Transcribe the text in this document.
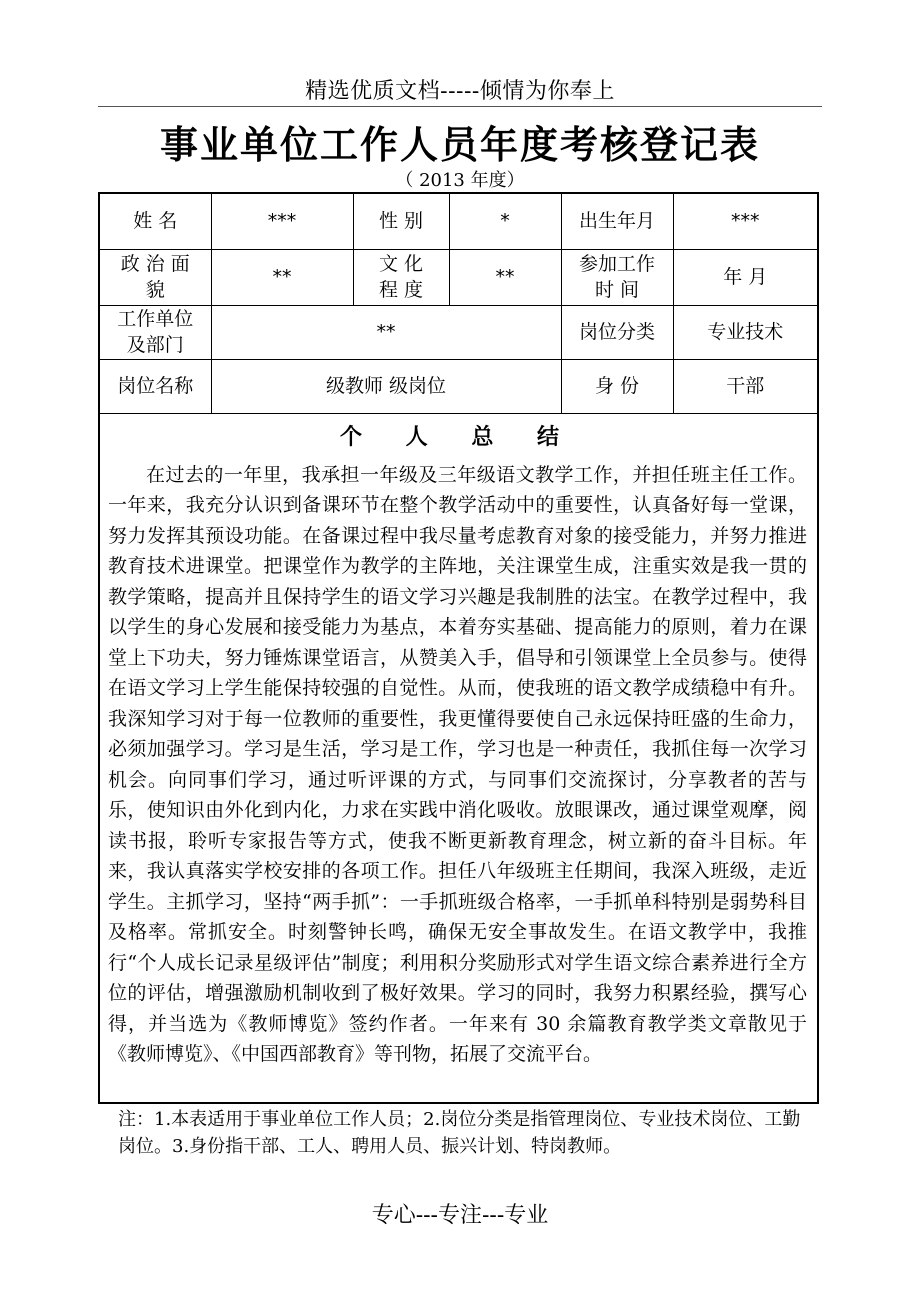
精选优质文档-----倾情为你奉上
事业单位工作人员年度考核登记表
（ 2013 年度）
姓 名	***	性 别	*	出生年月	***
政 治 面 貌	**	文 化 程 度	**	参加工作时 间	年 月
工作单位及部门	**			岗位分类	专业技术
岗位名称	级教师 级岗位			身 份	干部

个 人 总 结
在过去的一年里，我承担一年级及三年级语文教学工作，并担任班主任工作。一年来，我充分认识到备课环节在整个教学活动中的重要性，认真备好每一堂课，努力发挥其预设功能。在备课过程中我尽量考虑教育对象的接受能力，并努力推进教育技术进课堂。把课堂作为教学的主阵地，关注课堂生成，注重实效是我一贯的教学策略，提高并且保持学生的语文学习兴趣是我制胜的法宝。在教学过程中，我以学生的身心发展和接受能力为基点，本着夯实基础、提高能力的原则，着力在课堂上下功夫，努力锤炼课堂语言，从赞美入手，倡导和引领课堂上全员参与。使得在语文学习上学生能保持较强的自觉性。从而，使我班的语文教学成绩稳中有升。我深知学习对于每一位教师的重要性，我更懂得要使自己永远保持旺盛的生命力，必须加强学习。学习是生活，学习是工作，学习也是一种责任，我抓住每一次学习机会。向同事们学习，通过听评课的方式，与同事们交流探讨，分享教者的苦与乐，使知识由外化到内化，力求在实践中消化吸收。放眼课改，通过课堂观摩，阅读书报，聆听专家报告等方式，使我不断更新教育理念，树立新的奋斗目标。年来，我认真落实学校安排的各项工作。担任八年级班主任期间，我深入班级，走近学生。主抓学习，坚持“两手抓”：一手抓班级合格率，一手抓单科特别是弱势科目及格率。常抓安全。时刻警钟长鸣，确保无安全事故发生。在语文教学中，我推行“个人成长记录星级评估”制度；利用积分奖励形式对学生语文综合素养进行全方位的评估，增强激励机制收到了极好效果。学习的同时，我努力积累经验，撰写心得，并当选为《教师博览》签约作者。一年来有 30 余篇教育教学类文章散见于《教师博览》、《中国西部教育》等刊物，拓展了交流平台。					
注：1.本表适用于事业单位工作人员；2.岗位分类是指管理岗位、专业技术岗位、工勤岗位。3.身份指干部、工人、聘用人员、振兴计划、特岗教师。
专心---专注---专业
